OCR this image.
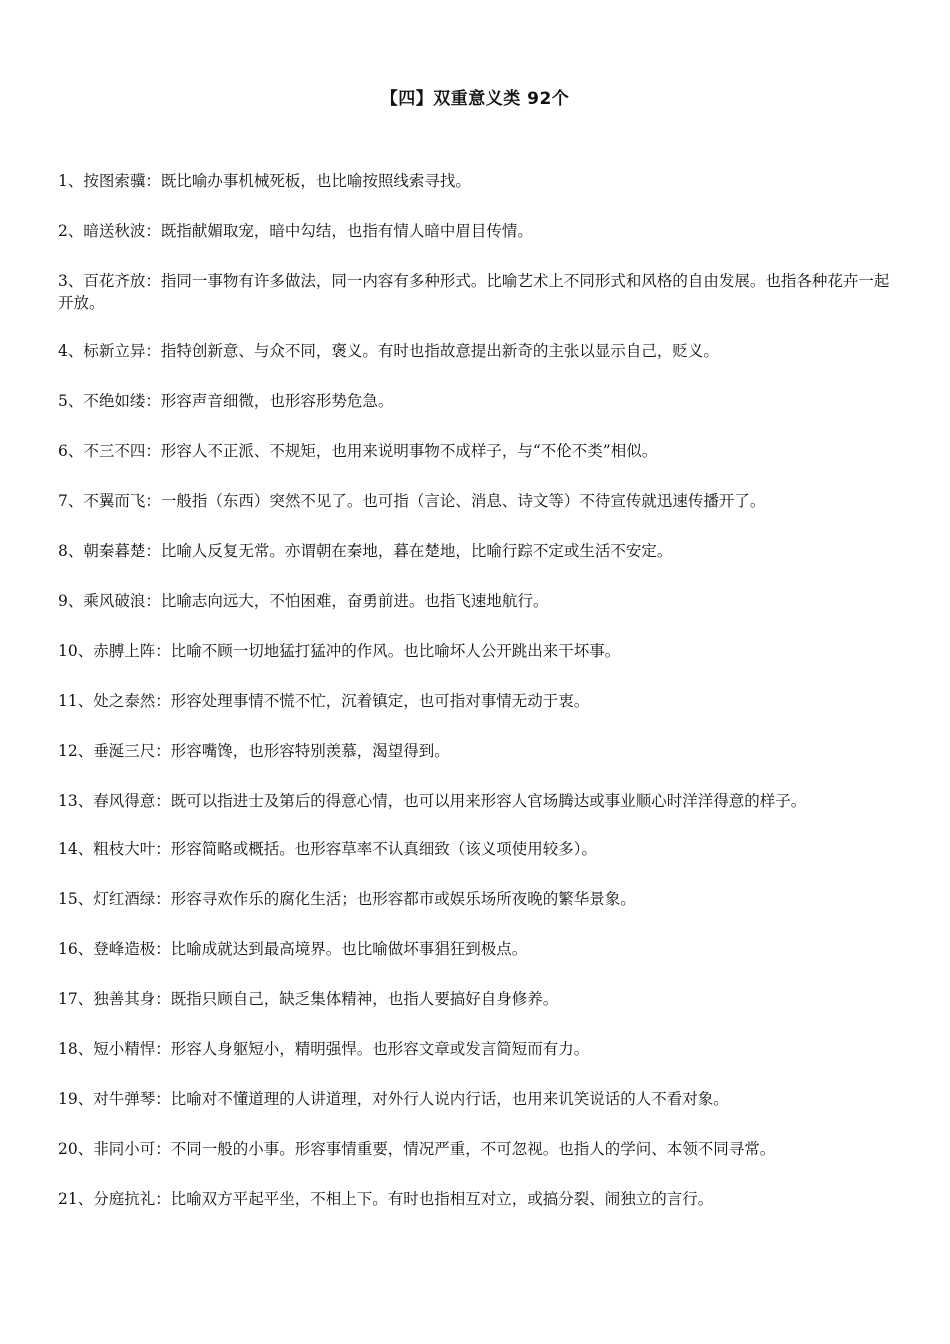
【四】双重意义类 92个

1、按图索骥：既比喻办事机械死板，也比喻按照线索寻找。

2、暗送秋波：既指献媚取宠，暗中勾结，也指有情人暗中眉目传情。

3、百花齐放：指同一事物有许多做法，同一内容有多种形式。比喻艺术上不同形式和风格的自由发展。也指各种花卉一起开放。

4、标新立异：指特创新意、与众不同，褒义。有时也指故意提出新奇的主张以显示自己，贬义。

5、不绝如缕：形容声音细微，也形容形势危急。

6、不三不四：形容人不正派、不规矩，也用来说明事物不成样子，与“不伦不类”相似。

7、不翼而飞：一般指（东西）突然不见了。也可指（言论、消息、诗文等）不待宣传就迅速传播开了。

8、朝秦暮楚：比喻人反复无常。亦谓朝在秦地，暮在楚地，比喻行踪不定或生活不安定。

9、乘风破浪：比喻志向远大，不怕困难，奋勇前进。也指飞速地航行。

10、赤膊上阵：比喻不顾一切地猛打猛冲的作风。也比喻坏人公开跳出来干坏事。

11、处之泰然：形容处理事情不慌不忙，沉着镇定，也可指对事情无动于衷。

12、垂涎三尺：形容嘴馋，也形容特别羡慕，渴望得到。

13、春风得意：既可以指进士及第后的得意心情，也可以用来形容人官场腾达或事业顺心时洋洋得意的样子。

14、粗枝大叶：形容简略或概括。也形容草率不认真细致（该义项使用较多）。

15、灯红酒绿：形容寻欢作乐的腐化生活；也形容都市或娱乐场所夜晚的繁华景象。

16、登峰造极：比喻成就达到最高境界。也比喻做坏事猖狂到极点。

17、独善其身：既指只顾自己，缺乏集体精神，也指人要搞好自身修养。

18、短小精悍：形容人身躯短小，精明强悍。也形容文章或发言简短而有力。

19、对牛弹琴：比喻对不懂道理的人讲道理，对外行人说内行话，也用来讥笑说话的人不看对象。

20、非同小可：不同一般的小事。形容事情重要，情况严重，不可忽视。也指人的学问、本领不同寻常。

21、分庭抗礼：比喻双方平起平坐，不相上下。有时也指相互对立，或搞分裂、闹独立的言行。
